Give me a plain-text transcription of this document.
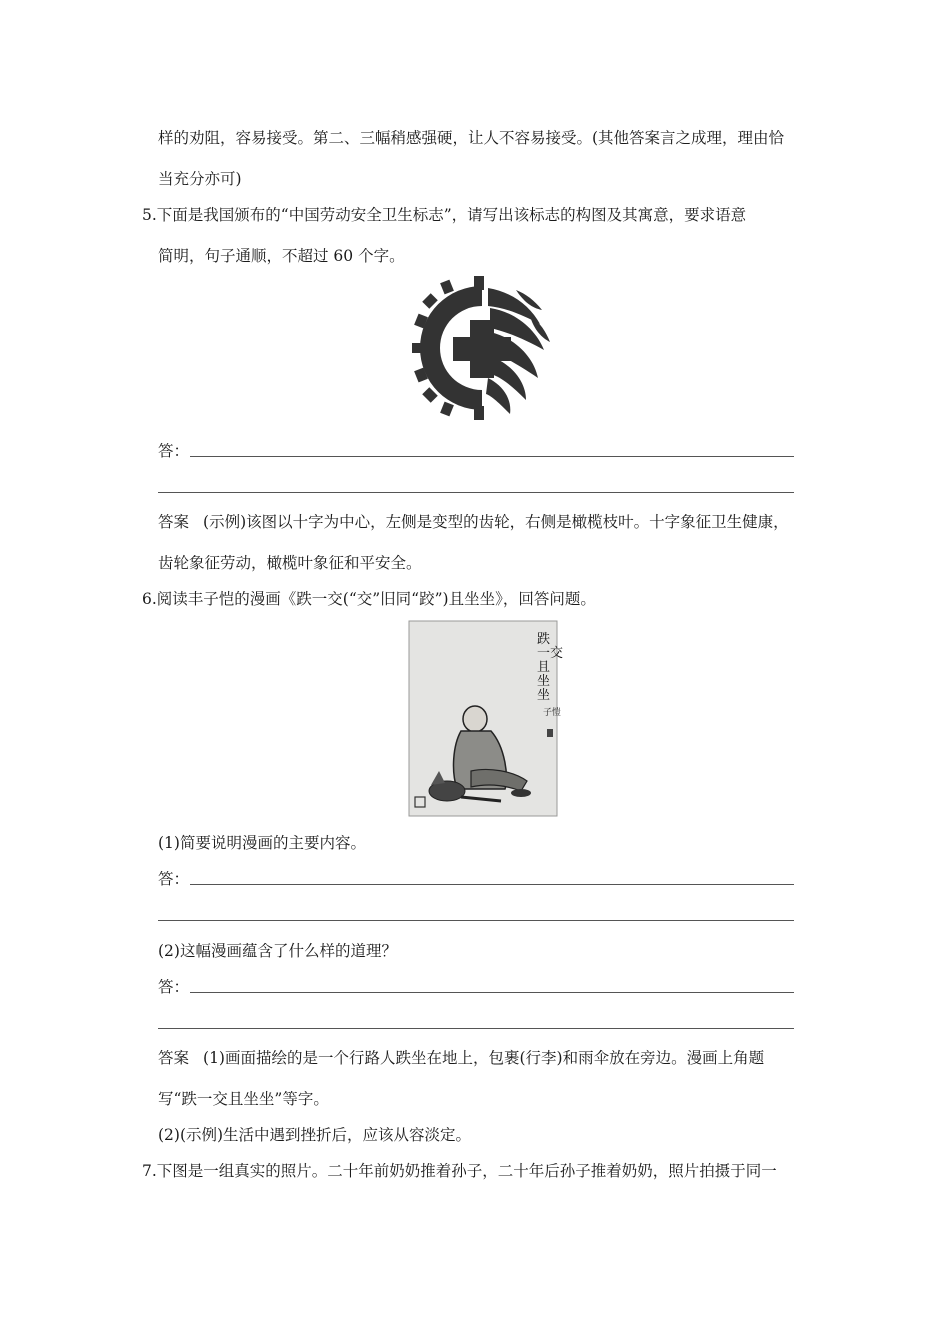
样的劝阻，容易接受。第二、三幅稍感强硬，让人不容易接受。(其他答案言之成理，理由恰
当充分亦可)
5.下面是我国颁布的“中国劳动安全卫生标志”，请写出该标志的构图及其寓意，要求语意
简明，句子通顺，不超过 60 个字。
答：
答案 (示例)该图以十字为中心，左侧是变型的齿轮，右侧是橄榄枝叶。十字象征卫生健康，
齿轮象征劳动，橄榄叶象征和平安全。
6.阅读丰子恺的漫画《跌一交(“交”旧同“跤”)且坐坐》，回答问题。
跌
一交
且
坐
坐
子愷
(1)简要说明漫画的主要内容。
答：
(2)这幅漫画蕴含了什么样的道理？
答：
答案 (1)画面描绘的是一个行路人跌坐在地上，包裹(行李)和雨伞放在旁边。漫画上角题
写“跌一交且坐坐”等字。
(2)(示例)生活中遇到挫折后，应该从容淡定。
7.下图是一组真实的照片。二十年前奶奶推着孙子，二十年后孙子推着奶奶，照片拍摄于同一
